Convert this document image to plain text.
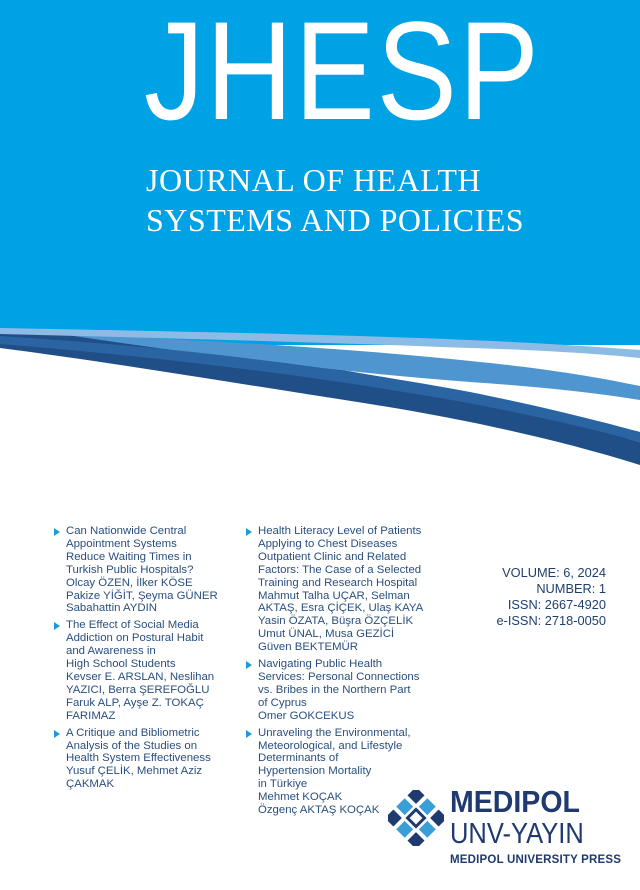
JHESP
JOURNAL OF HEALTH
SYSTEMS AND POLICIES
Can Nationwide Central
Appointment Systems
Reduce Waiting Times in
Turkish Public Hospitals?
Olcay ÖZEN, İlker KÖSE
Pakize YİĞİT, Şeyma GÜNER
Sabahattin AYDIN
The Effect of Social Media
Addiction on Postural Habit
and Awareness in
High School Students
Kevser E. ARSLAN, Neslihan
YAZICI, Berra ŞEREFOĞLU
Faruk ALP, Ayşe Z. TOKAÇ
FARIMAZ
A Critique and Bibliometric
Analysis of the Studies on
Health System Effectiveness
Yusuf ÇELİK, Mehmet Aziz
ÇAKMAK
Health Literacy Level of Patients
Applying to Chest Diseases
Outpatient Clinic and Related
Factors: The Case of a Selected
Training and Research Hospital
Mahmut Talha UÇAR, Selman
AKTAŞ, Esra ÇİÇEK, Ulaş KAYA
Yasin ÖZATA, Büşra ÖZÇELİK
Umut ÜNAL, Musa GEZİCİ
Güven BEKTEMÜR
Navigating Public Health
Services: Personal Connections
vs. Bribes in the Northern Part
of Cyprus
Omer GOKCEKUS
Unraveling the Environmental,
Meteorological, and Lifestyle
Determinants of
Hypertension Mortality
in Türkiye
Mehmet KOÇAK
Özgenç AKTAŞ KOÇAK
VOLUME: 6, 2024
NUMBER: 1
ISSN: 2667-4920
e-ISSN: 2718-0050
MEDIPOL
UNV-YAYIN
MEDIPOL UNIVERSITY PRESS
